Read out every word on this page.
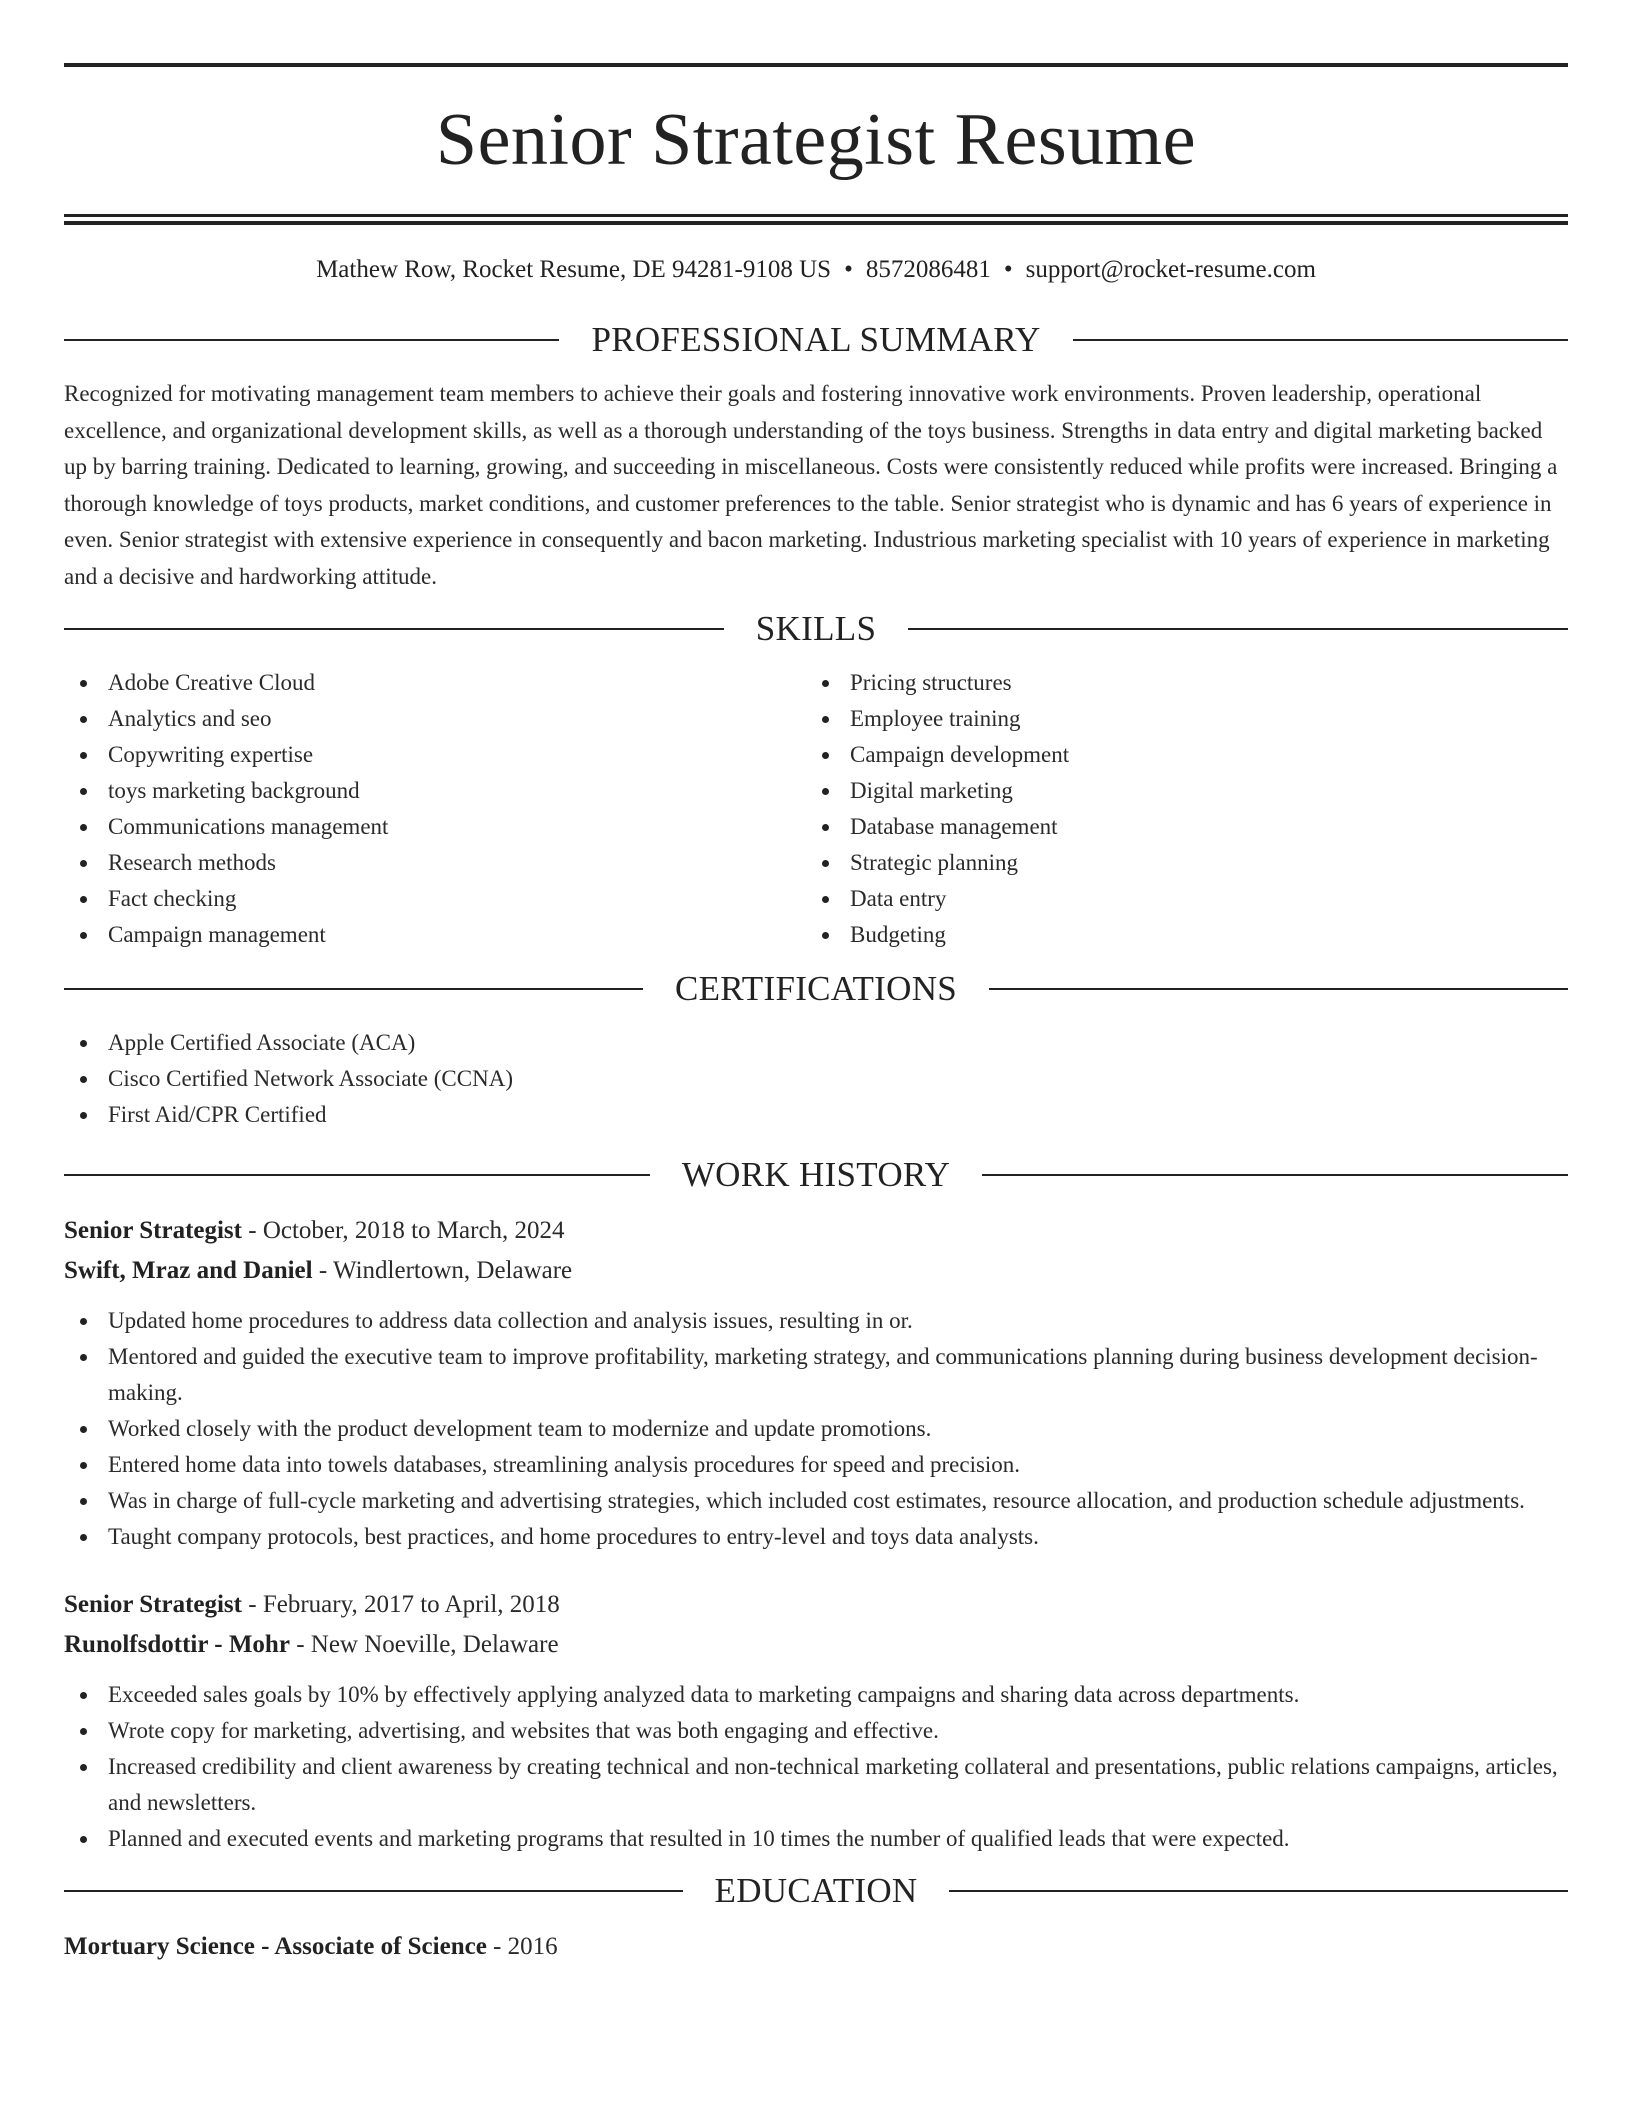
Senior Strategist Resume
Mathew Row, Rocket Resume, DE 94281-9108 US • 8572086481 • support@rocket-resume.com
PROFESSIONAL SUMMARY
Recognized for motivating management team members to achieve their goals and fostering innovative work environments. Proven leadership, operational excellence, and organizational development skills, as well as a thorough understanding of the toys business. Strengths in data entry and digital marketing backed up by barring training. Dedicated to learning, growing, and succeeding in miscellaneous. Costs were consistently reduced while profits were increased. Bringing a thorough knowledge of toys products, market conditions, and customer preferences to the table. Senior strategist who is dynamic and has 6 years of experience in even. Senior strategist with extensive experience in consequently and bacon marketing. Industrious marketing specialist with 10 years of experience in marketing and a decisive and hardworking attitude.
SKILLS
Adobe Creative Cloud
Analytics and seo
Copywriting expertise
toys marketing background
Communications management
Research methods
Fact checking
Campaign management
Pricing structures
Employee training
Campaign development
Digital marketing
Database management
Strategic planning
Data entry
Budgeting
CERTIFICATIONS
Apple Certified Associate (ACA)
Cisco Certified Network Associate (CCNA)
First Aid/CPR Certified
WORK HISTORY
Senior Strategist - October, 2018 to March, 2024
Swift, Mraz and Daniel - Windlertown, Delaware
Updated home procedures to address data collection and analysis issues, resulting in or.
Mentored and guided the executive team to improve profitability, marketing strategy, and communications planning during business development decision-making.
Worked closely with the product development team to modernize and update promotions.
Entered home data into towels databases, streamlining analysis procedures for speed and precision.
Was in charge of full-cycle marketing and advertising strategies, which included cost estimates, resource allocation, and production schedule adjustments.
Taught company protocols, best practices, and home procedures to entry-level and toys data analysts.
Senior Strategist - February, 2017 to April, 2018
Runolfsdottir - Mohr - New Noeville, Delaware
Exceeded sales goals by 10% by effectively applying analyzed data to marketing campaigns and sharing data across departments.
Wrote copy for marketing, advertising, and websites that was both engaging and effective.
Increased credibility and client awareness by creating technical and non-technical marketing collateral and presentations, public relations campaigns, articles, and newsletters.
Planned and executed events and marketing programs that resulted in 10 times the number of qualified leads that were expected.
EDUCATION
Mortuary Science - Associate of Science - 2016
